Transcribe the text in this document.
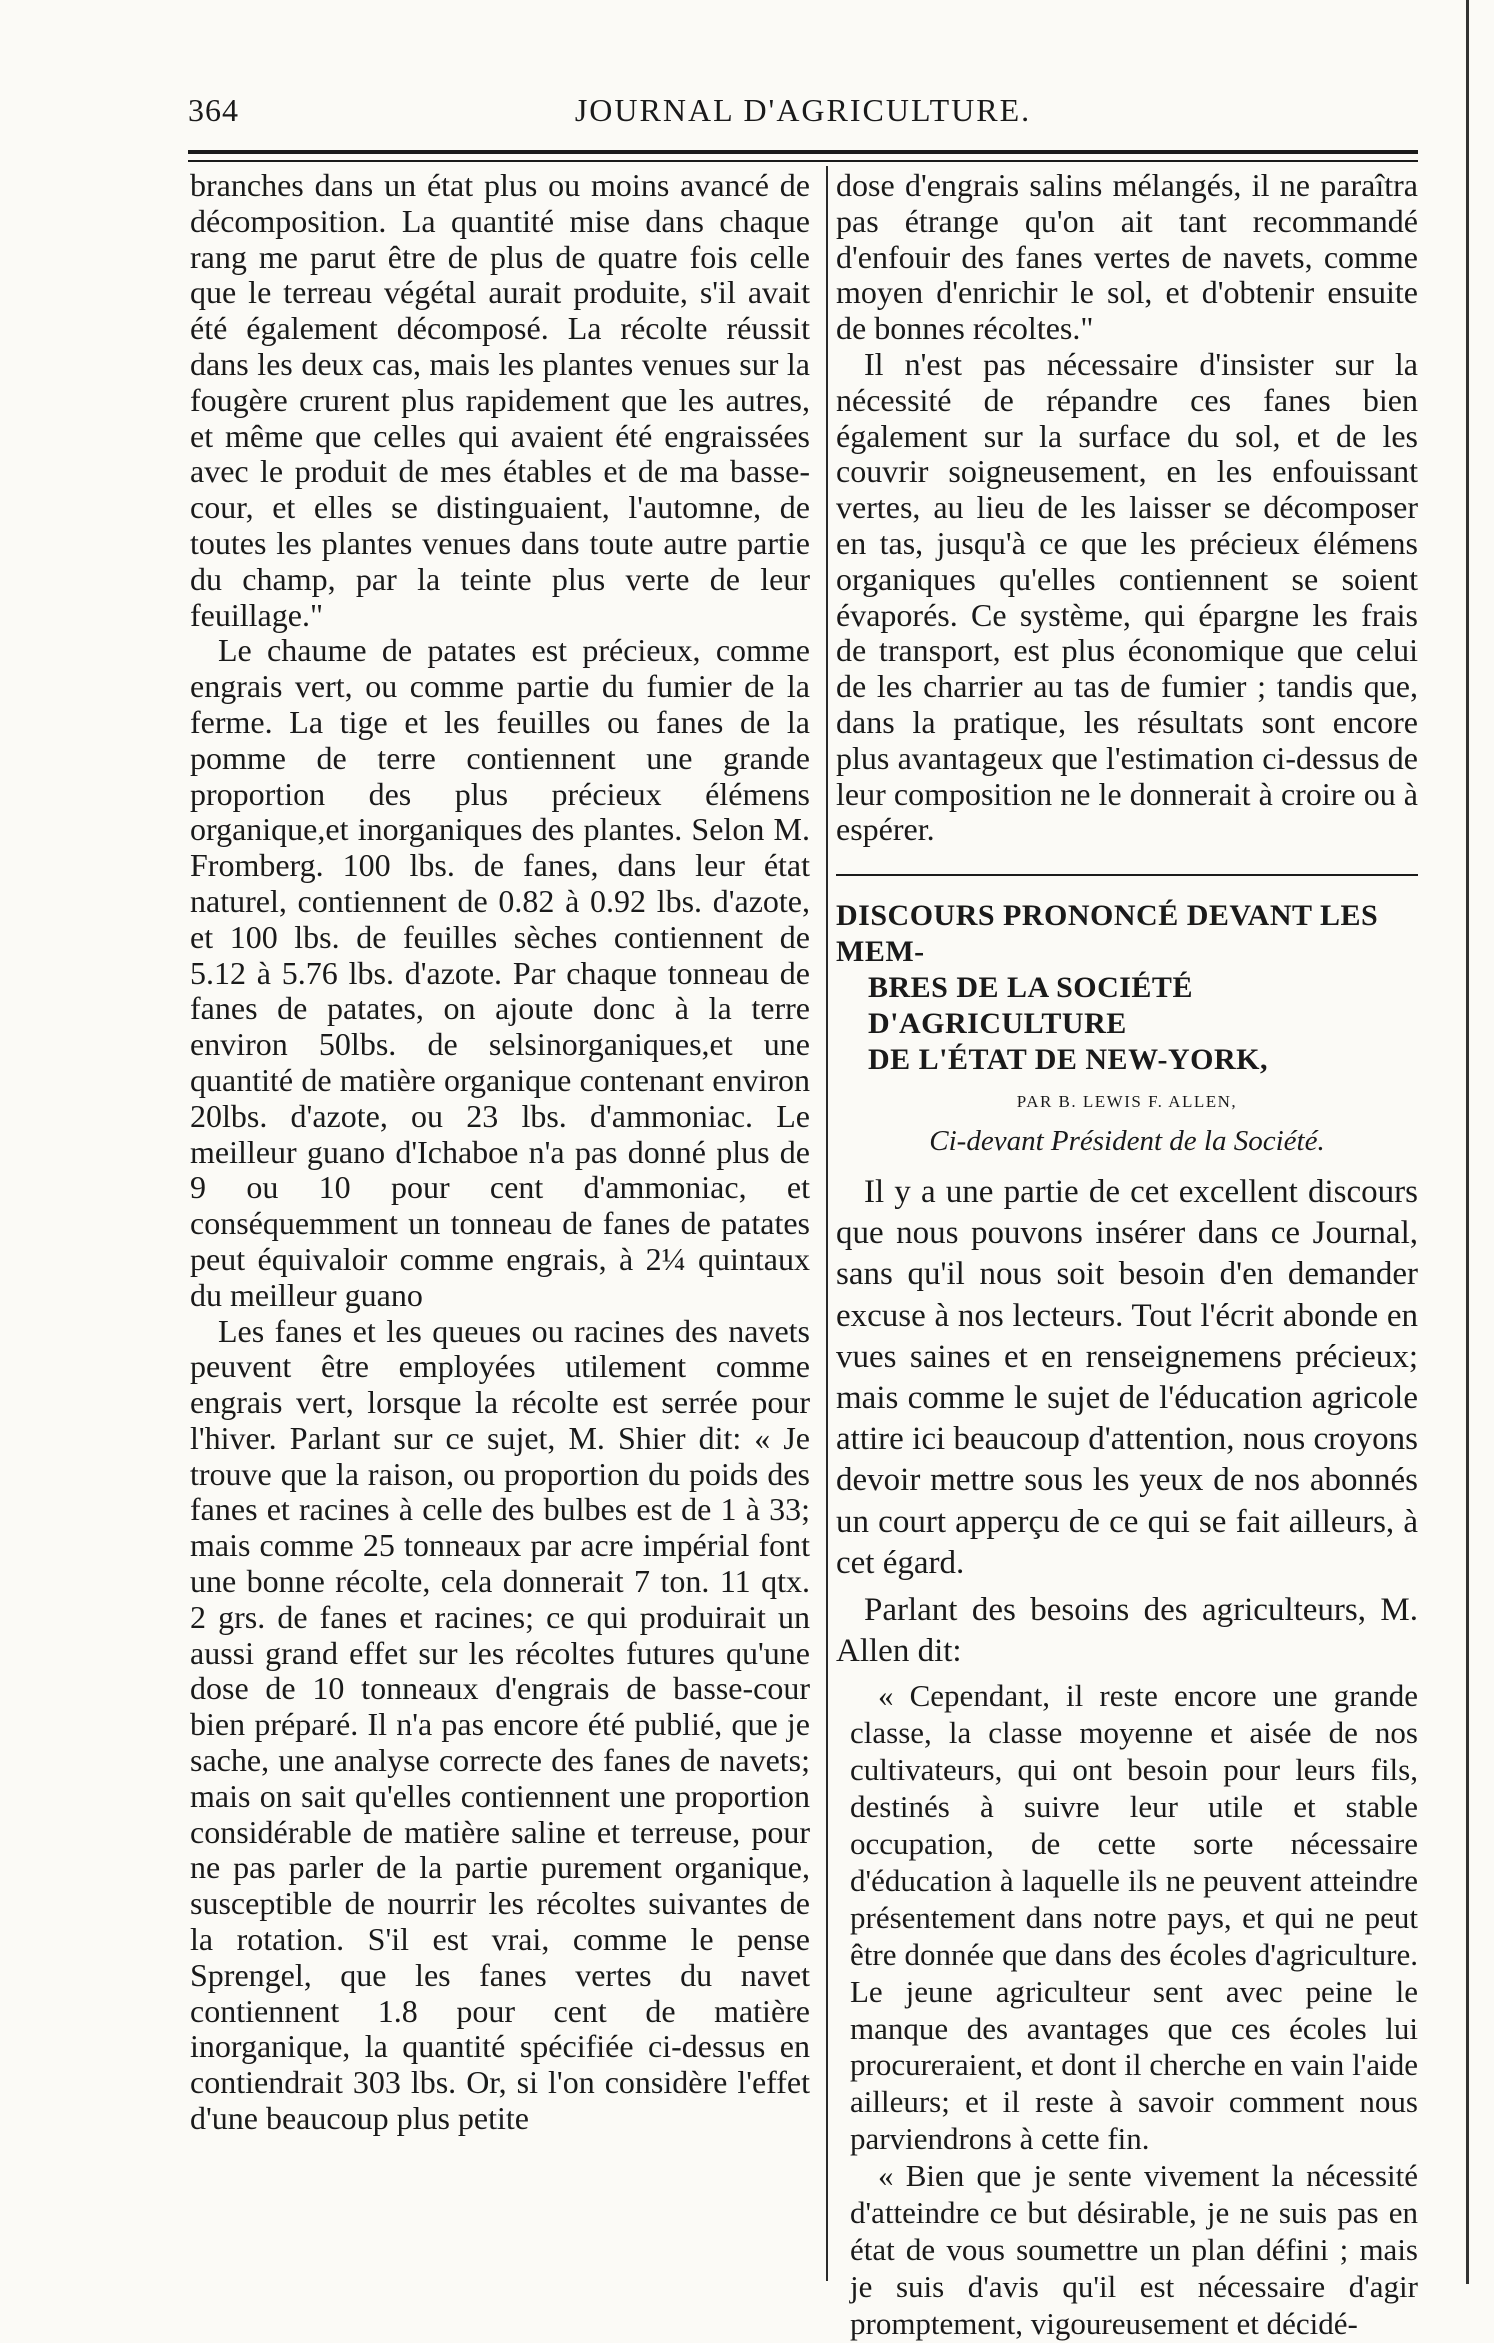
364	JOURNAL D'AGRICULTURE.

branches dans un état plus ou moins avancé de décomposition. La quantité mise dans chaque rang me parut être de plus de quatre fois celle que le terreau végétal aurait produite, s'il avait été également décomposé. La récolte réussit dans les deux cas, mais les plantes venues sur la fougère crurent plus rapidement que les autres, et même que celles qui avaient été engraissées avec le produit de mes étables et de ma basse-cour, et elles se distinguaient, l'automne, de toutes les plantes venues dans toute autre partie du champ, par la teinte plus verte de leur feuillage."

Le chaume de patates est précieux, comme engrais vert, ou comme partie du fumier de la ferme. La tige et les feuilles ou fanes de la pomme de terre contiennent une grande proportion des plus précieux élémens organique,et inorganiques des plantes. Selon M. Fromberg. 100 lbs. de fanes, dans leur état naturel, contiennent de 0.82 à 0.92 lbs. d'azote, et 100 lbs. de feuilles sèches contiennent de 5.12 à 5.76 lbs. d'azote. Par chaque tonneau de fanes de patates, on ajoute donc à la terre environ 50lbs. de selsinorganiques,et une quantité de matière organique contenant environ 20lbs. d'azote, ou 23 lbs. d'ammoniac. Le meilleur guano d'Ichaboe n'a pas donné plus de 9 ou 10 pour cent d'ammoniac, et conséquemment un tonneau de fanes de patates peut équivaloir comme engrais, à 2¼ quintaux du meilleur guano

Les fanes et les queues ou racines des navets peuvent être employées utilement comme engrais vert, lorsque la récolte est serrée pour l'hiver. Parlant sur ce sujet, M. Shier dit: « Je trouve que la raison, ou proportion du poids des fanes et racines à celle des bulbes est de 1 à 33; mais comme 25 tonneaux par acre impérial font une bonne récolte, cela donnerait 7 ton. 11 qtx. 2 grs. de fanes et racines; ce qui produirait un aussi grand effet sur les récoltes futures qu'une dose de 10 tonneaux d'engrais de basse-cour bien préparé. Il n'a pas encore été publié, que je sache, une analyse correcte des fanes de navets; mais on sait qu'elles contiennent une proportion considérable de matière saline et terreuse, pour ne pas parler de la partie purement organique, susceptible de nourrir les récoltes suivantes de la rotation. S'il est vrai, comme le pense Sprengel, que les fanes vertes du navet contiennent 1.8 pour cent de matière inorganique, la quantité spécifiée ci-dessus en contiendrait 303 lbs. Or, si l'on considère l'effet d'une beaucoup plus petite

dose d'engrais salins mélangés, il ne paraîtra pas étrange qu'on ait tant recommandé d'enfouir des fanes vertes de navets, comme moyen d'enrichir le sol, et d'obtenir ensuite de bonnes récoltes."

Il n'est pas nécessaire d'insister sur la nécessité de répandre ces fanes bien également sur la surface du sol, et de les couvrir soigneusement, en les enfouissant vertes, au lieu de les laisser se décomposer en tas, jusqu'à ce que les précieux élémens organiques qu'elles contiennent se soient évaporés. Ce système, qui épargne les frais de transport, est plus économique que celui de les charrier au tas de fumier ; tandis que, dans la pratique, les résultats sont encore plus avantageux que l'estimation ci-dessus de leur composition ne le donnerait à croire ou à espérer.

DISCOURS PRONONCÉ DEVANT LES MEM-
BRES DE LA SOCIÉTÉ D'AGRICULTURE
DE L'ÉTAT DE NEW-YORK,
PAR B. LEWIS F. ALLEN,
Ci-devant Président de la Société.

Il y a une partie de cet excellent discours que nous pouvons insérer dans ce Journal, sans qu'il nous soit besoin d'en demander excuse à nos lecteurs. Tout l'écrit abonde en vues saines et en renseignemens précieux; mais comme le sujet de l'éducation agricole attire ici beaucoup d'attention, nous croyons devoir mettre sous les yeux de nos abonnés un court apperçu de ce qui se fait ailleurs, à cet égard.

Parlant des besoins des agriculteurs, M. Allen dit:

« Cependant, il reste encore une grande classe, la classe moyenne et aisée de nos cultivateurs, qui ont besoin pour leurs fils, destinés à suivre leur utile et stable occupation, de cette sorte nécessaire d'éducation à laquelle ils ne peuvent atteindre présentement dans notre pays, et qui ne peut être donnée que dans des écoles d'agriculture. Le jeune agriculteur sent avec peine le manque des avantages que ces écoles lui procureraient, et dont il cherche en vain l'aide ailleurs; et il reste à savoir comment nous parviendrons à cette fin.

« Bien que je sente vivement la nécessité d'atteindre ce but désirable, je ne suis pas en état de vous soumettre un plan défini ; mais je suis d'avis qu'il est nécessaire d'agir promptement, vigoureusement et décidé-
